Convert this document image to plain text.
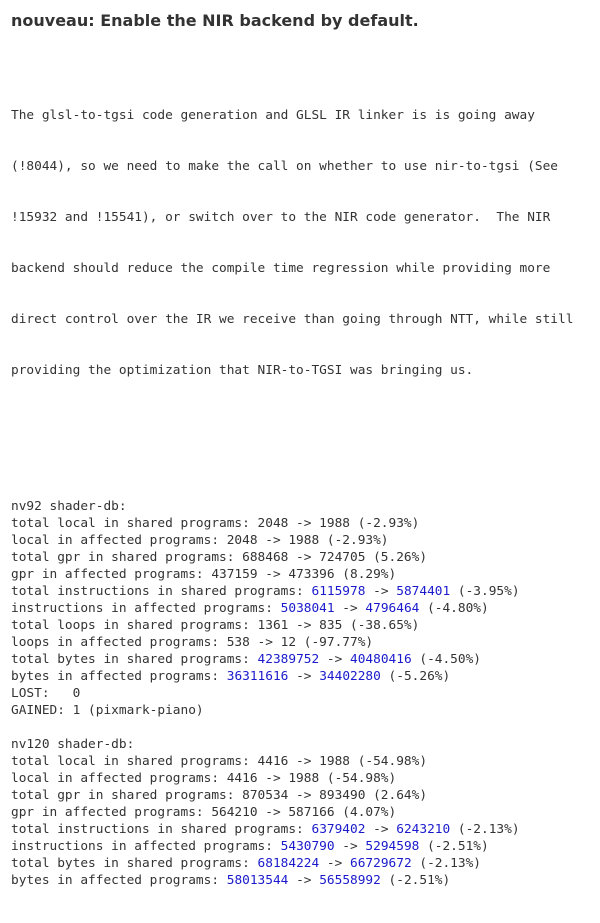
nouveau: Enable the NIR backend by default.

The glsl-to-tgsi code generation and GLSL IR linker is is going away

(!8044), so we need to make the call on whether to use nir-to-tgsi (See

!15932 and !15541), or switch over to the NIR code generator.  The NIR

backend should reduce the compile time regression while providing more

direct control over the IR we receive than going through NTT, while still

providing the optimization that NIR-to-TGSI was bringing us.

nv92 shader-db:
total local in shared programs: 2048 -> 1988 (-2.93%)
local in affected programs: 2048 -> 1988 (-2.93%)
total gpr in shared programs: 688468 -> 724705 (5.26%)
gpr in affected programs: 437159 -> 473396 (8.29%)
total instructions in shared programs: 6115978 -> 5874401 (-3.95%)
instructions in affected programs: 5038041 -> 4796464 (-4.80%)
total loops in shared programs: 1361 -> 835 (-38.65%)
loops in affected programs: 538 -> 12 (-97.77%)
total bytes in shared programs: 42389752 -> 40480416 (-4.50%)
bytes in affected programs: 36311616 -> 34402280 (-5.26%)
LOST:   0
GAINED: 1 (pixmark-piano)
nv120 shader-db:
total local in shared programs: 4416 -> 1988 (-54.98%)
local in affected programs: 4416 -> 1988 (-54.98%)
total gpr in shared programs: 870534 -> 893490 (2.64%)
gpr in affected programs: 564210 -> 587166 (4.07%)
total instructions in shared programs: 6379402 -> 6243210 (-2.13%)
instructions in affected programs: 5430790 -> 5294598 (-2.51%)
total bytes in shared programs: 68184224 -> 66729672 (-2.13%)
bytes in affected programs: 58013544 -> 56558992 (-2.51%)
